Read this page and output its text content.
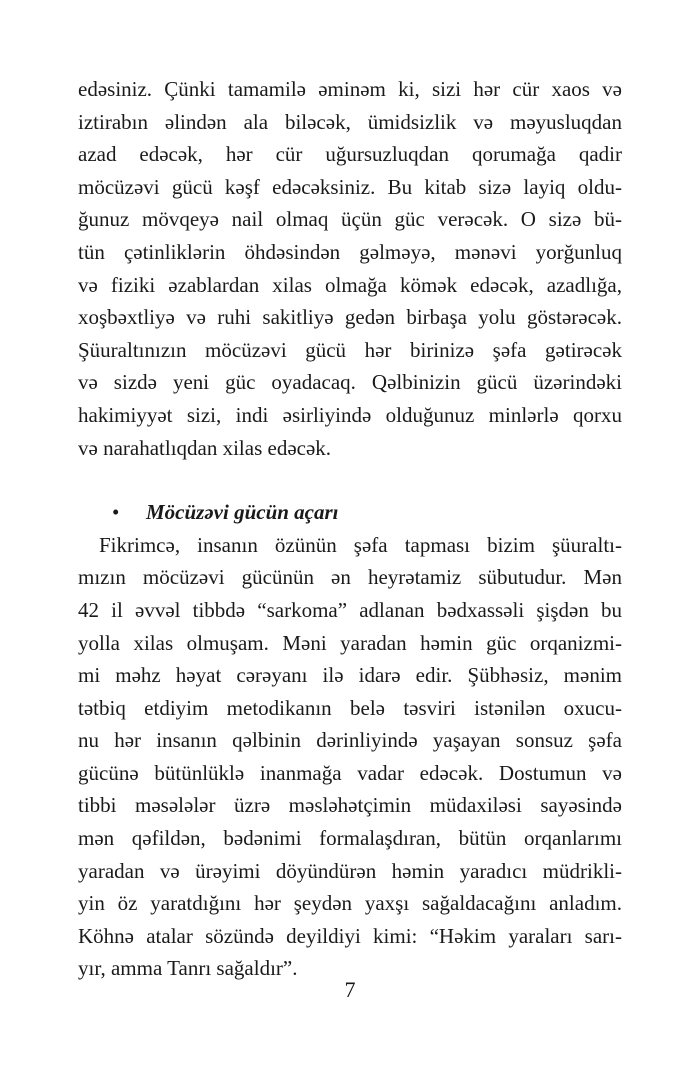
edəsiniz. Çünki tamamilə əminəm ki, sizi hər cür xaos və
iztirabın əlindən ala biləcək, ümidsizlik və məyusluqdan
azad edəcək, hər cür uğursuzluqdan qorumağa qadir
möcüzəvi gücü kəşf edəcəksiniz. Bu kitab sizə layiq oldu-
ğunuz mövqeyə nail olmaq üçün güc verəcək. O sizə bü-
tün çətinliklərin öhdəsindən gəlməyə, mənəvi yorğunluq
və fiziki əzablardan xilas olmağa kömək edəcək, azadlığa,
xoşbəxtliyə və ruhi sakitliyə gedən birbaşa yolu göstərəcək.
Şüuraltınızın möcüzəvi gücü hər birinizə şəfa gətirəcək
və sizdə yeni güc oyadacaq. Qəlbinizin gücü üzərindəki
hakimiyyət sizi, indi əsirliyində olduğunuz minlərlə qorxu
və narahatlıqdan xilas edəcək.
•	Möcüzəvi gücün açarı
Fikrimcə, insanın özünün şəfa tapması bizim şüuraltı-
mızın möcüzəvi gücünün ən heyrətamiz sübutudur. Mən
42 il əvvəl tibbdə “sarkoma” adlanan bədxassəli şişdən bu
yolla xilas olmuşam. Məni yaradan həmin güc orqanizmi-
mi məhz həyat cərəyanı ilə idarə edir. Şübhəsiz, mənim
tətbiq etdiyim metodikanın belə təsviri istənilən oxucu-
nu hər insanın qəlbinin dərinliyində yaşayan sonsuz şəfa
gücünə bütünlüklə inanmağa vadar edəcək. Dostumun və
tibbi məsələlər üzrə məsləhətçimin müdaxiləsi sayəsində
mən qəfildən, bədənimi formalaşdıran, bütün orqanlarımı
yaradan və ürəyimi döyündürən həmin yaradıcı müdrikli-
yin öz yaratdığını hər şeydən yaxşı sağaldacağını anladım.
Köhnə atalar sözündə deyildiyi kimi: “Həkim yaraları sarı-
yır, amma Tanrı sağaldır”.
7
